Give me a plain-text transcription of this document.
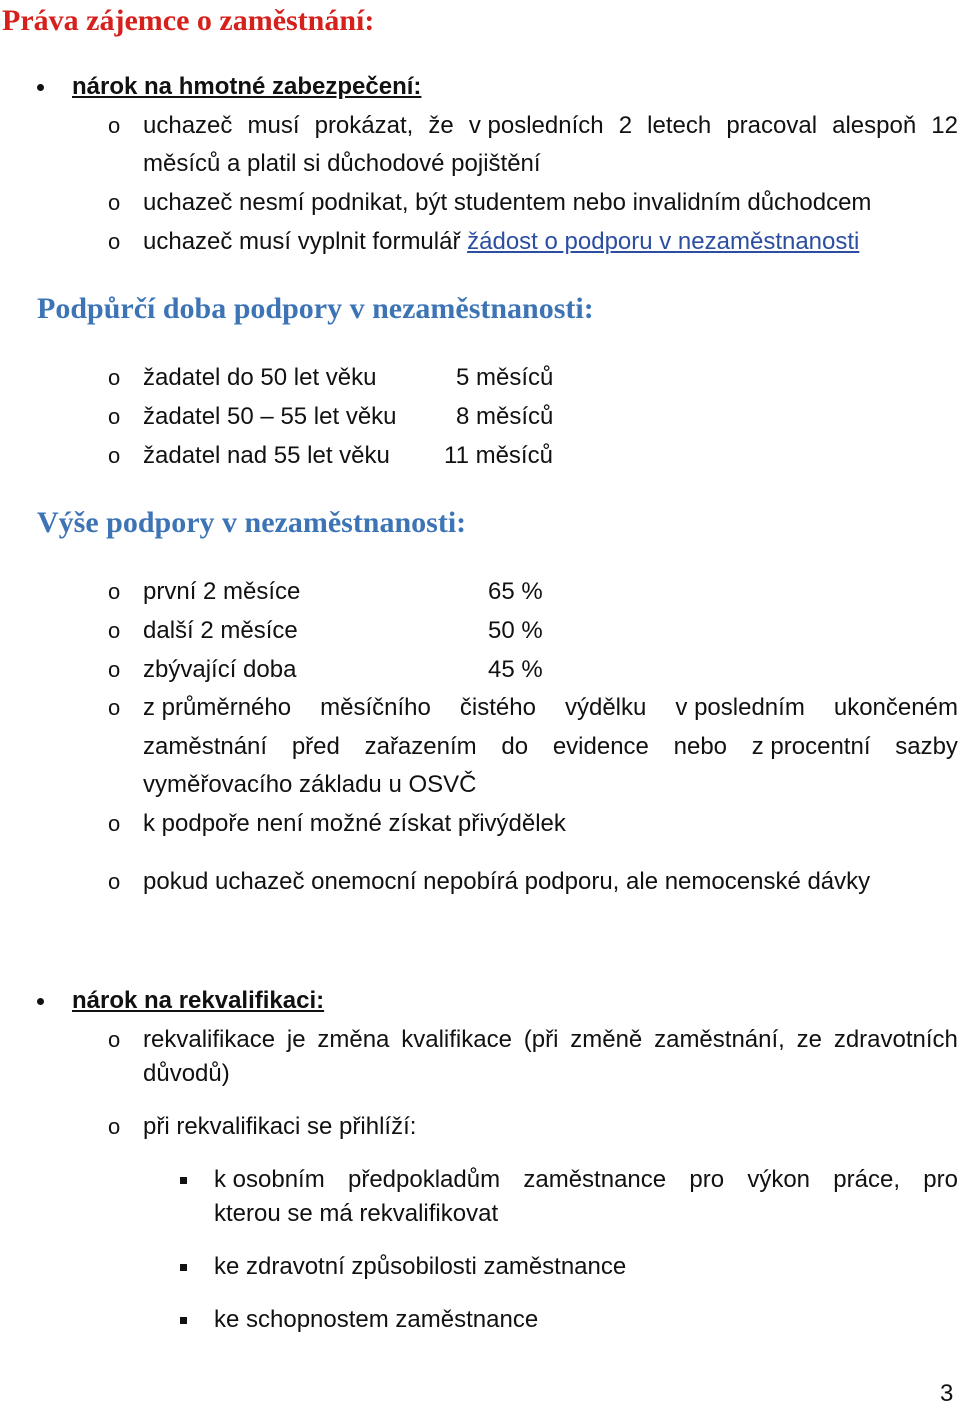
Práva zájemce o zaměstnání:
nárok na hmotné zabezpečení:
o uchazeč musí prokázat, že v posledních 2 letech pracoval alespoň 12
měsíců a platil si důchodové pojištění
o uchazeč nesmí podnikat, být studentem nebo invalidním důchodcem
o uchazeč musí vyplnit formulář žádost o podporu v nezaměstnanosti
Podpůrčí doba podpory v nezaměstnanosti:
o žadatel do 50 let věku	5 měsíců
o žadatel 50 – 55 let věku 8 měsíců
o žadatel nad 55 let věku 11 měsíců
Výše podpory v nezaměstnanosti:
o první 2 měsíce	65 %
o další 2 měsíce	50 %
o zbývající doba	45 %
o z průměrného měsíčního čistého výdělku v posledním ukončeném
zaměstnání před zařazením do evidence nebo z procentní sazby
vyměřovacího základu u OSVČ
o k podpoře není možné získat přivýdělek
o pokud uchazeč onemocní nepobírá podporu, ale nemocenské dávky
nárok na rekvalifikaci:
o rekvalifikace je změna kvalifikace (při změně zaměstnání, ze zdravotních
důvodů)
o při rekvalifikaci se přihlíží:
k osobním předpokladům zaměstnance pro výkon práce, pro
kterou se má rekvalifikovat
ke zdravotní způsobilosti zaměstnance
ke schopnostem zaměstnance
3
